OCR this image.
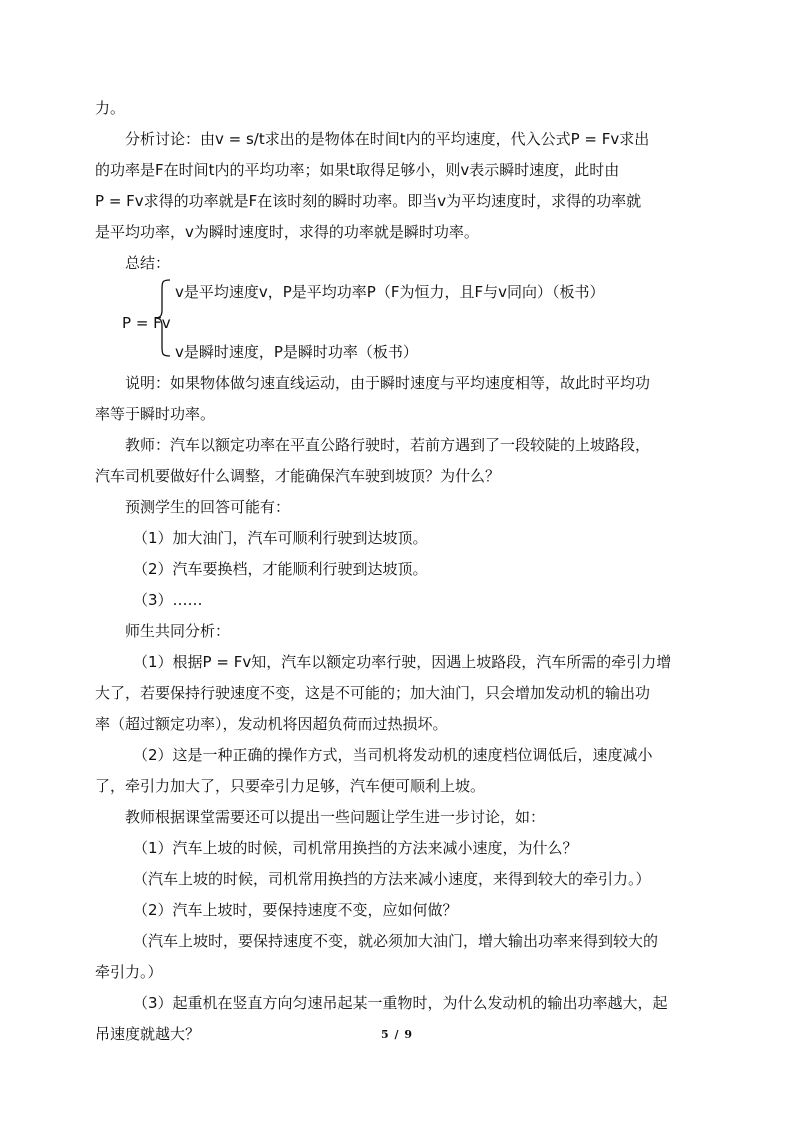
力。
分析讨论：由v = s/t求出的是物体在时间t内的平均速度，代入公式P = Fv求出
的功率是F在时间t内的平均功率；如果t取得足够小，则v表示瞬时速度，此时由
P = Fv求得的功率就是F在该时刻的瞬时功率。即当v为平均速度时，求得的功率就
是平均功率，v为瞬时速度时，求得的功率就是瞬时功率。
总结：
v是平均速度v，P是平均功率P（F为恒力，且F与v同向）（板书）
P = Fv
v是瞬时速度，P是瞬时功率（板书）
说明：如果物体做匀速直线运动，由于瞬时速度与平均速度相等，故此时平均功
率等于瞬时功率。
教师：汽车以额定功率在平直公路行驶时，若前方遇到了一段较陡的上坡路段，
汽车司机要做好什么调整，才能确保汽车驶到坡顶？为什么？
预测学生的回答可能有：
（1）加大油门，汽车可顺利行驶到达坡顶。
（2）汽车要换档，才能顺利行驶到达坡顶。
（3）……
师生共同分析：
（1）根据P = Fv知，汽车以额定功率行驶，因遇上坡路段，汽车所需的牵引力增
大了，若要保持行驶速度不变，这是不可能的；加大油门，只会增加发动机的输出功
率（超过额定功率），发动机将因超负荷而过热损坏。
（2）这是一种正确的操作方式，当司机将发动机的速度档位调低后，速度减小
了，牵引力加大了，只要牵引力足够，汽车便可顺利上坡。
教师根据课堂需要还可以提出一些问题让学生进一步讨论，如：
（1）汽车上坡的时候，司机常用换挡的方法来减小速度，为什么？
（汽车上坡的时候，司机常用换挡的方法来减小速度，来得到较大的牵引力。）
（2）汽车上坡时，要保持速度不变，应如何做？
（汽车上坡时，要保持速度不变，就必须加大油门，增大输出功率来得到较大的
牵引力。）
（3）起重机在竖直方向匀速吊起某一重物时，为什么发动机的输出功率越大，起
吊速度就越大？	5 / 9
